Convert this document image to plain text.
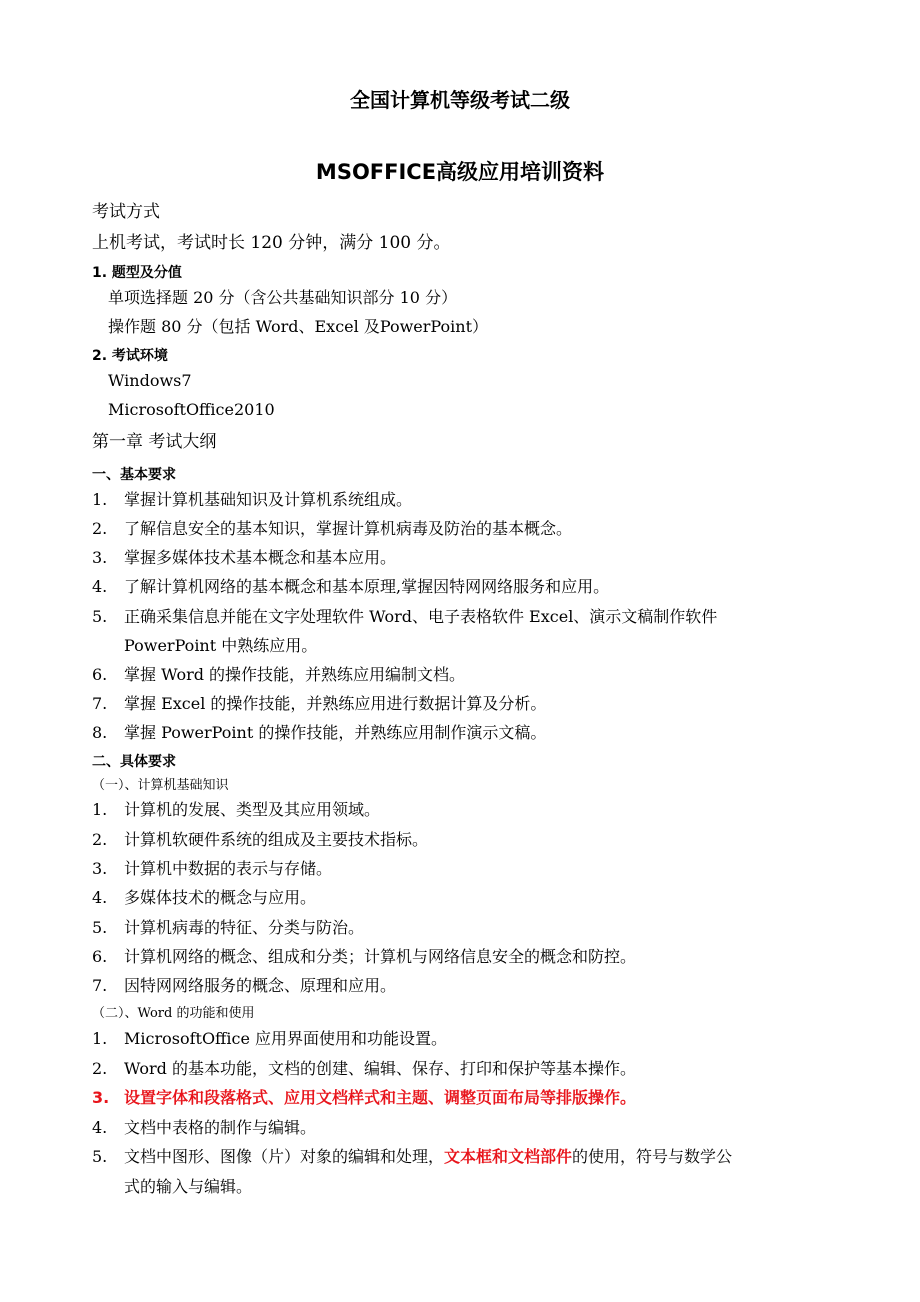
全国计算机等级考试二级
MSOFFICE高级应用培训资料
考试方式
上机考试，考试时长 120 分钟，满分 100 分。
1. 题型及分值
单项选择题 20 分（含公共基础知识部分 10 分）
操作题 80 分（包括 Word、Excel 及PowerPoint）
2. 考试环境
Windows7
MicrosoftOffice2010
第一章 考试大纲
一、基本要求
1.	掌握计算机基础知识及计算机系统组成。
2.	了解信息安全的基本知识，掌握计算机病毒及防治的基本概念。
3.	掌握多媒体技术基本概念和基本应用。
4.	了解计算机网络的基本概念和基本原理,掌握因特网网络服务和应用。
5.	正确采集信息并能在文字处理软件 Word、电子表格软件 Excel、演示文稿制作软件
PowerPoint 中熟练应用。
6.	掌握 Word 的操作技能，并熟练应用编制文档。
7.	掌握 Excel 的操作技能，并熟练应用进行数据计算及分析。
8.	掌握 PowerPoint 的操作技能，并熟练应用制作演示文稿。
二、具体要求
（一）、计算机基础知识
1.	计算机的发展、类型及其应用领域。
2.	计算机软硬件系统的组成及主要技术指标。
3.	计算机中数据的表示与存储。
4.	多媒体技术的概念与应用。
5.	计算机病毒的特征、分类与防治。
6.	计算机网络的概念、组成和分类；计算机与网络信息安全的概念和防控。
7.	因特网网络服务的概念、原理和应用。
（二）、Word 的功能和使用
1.	MicrosoftOffice 应用界面使用和功能设置。
2.	Word 的基本功能，文档的创建、编辑、保存、打印和保护等基本操作。
3. 设置字体和段落格式、应用文档样式和主题、调整页面布局等排版操作。
4.	文档中表格的制作与编辑。
5.	文档中图形、图像（片）对象的编辑和处理，文本框和文档部件的使用，符号与数学公
式的输入与编辑。
